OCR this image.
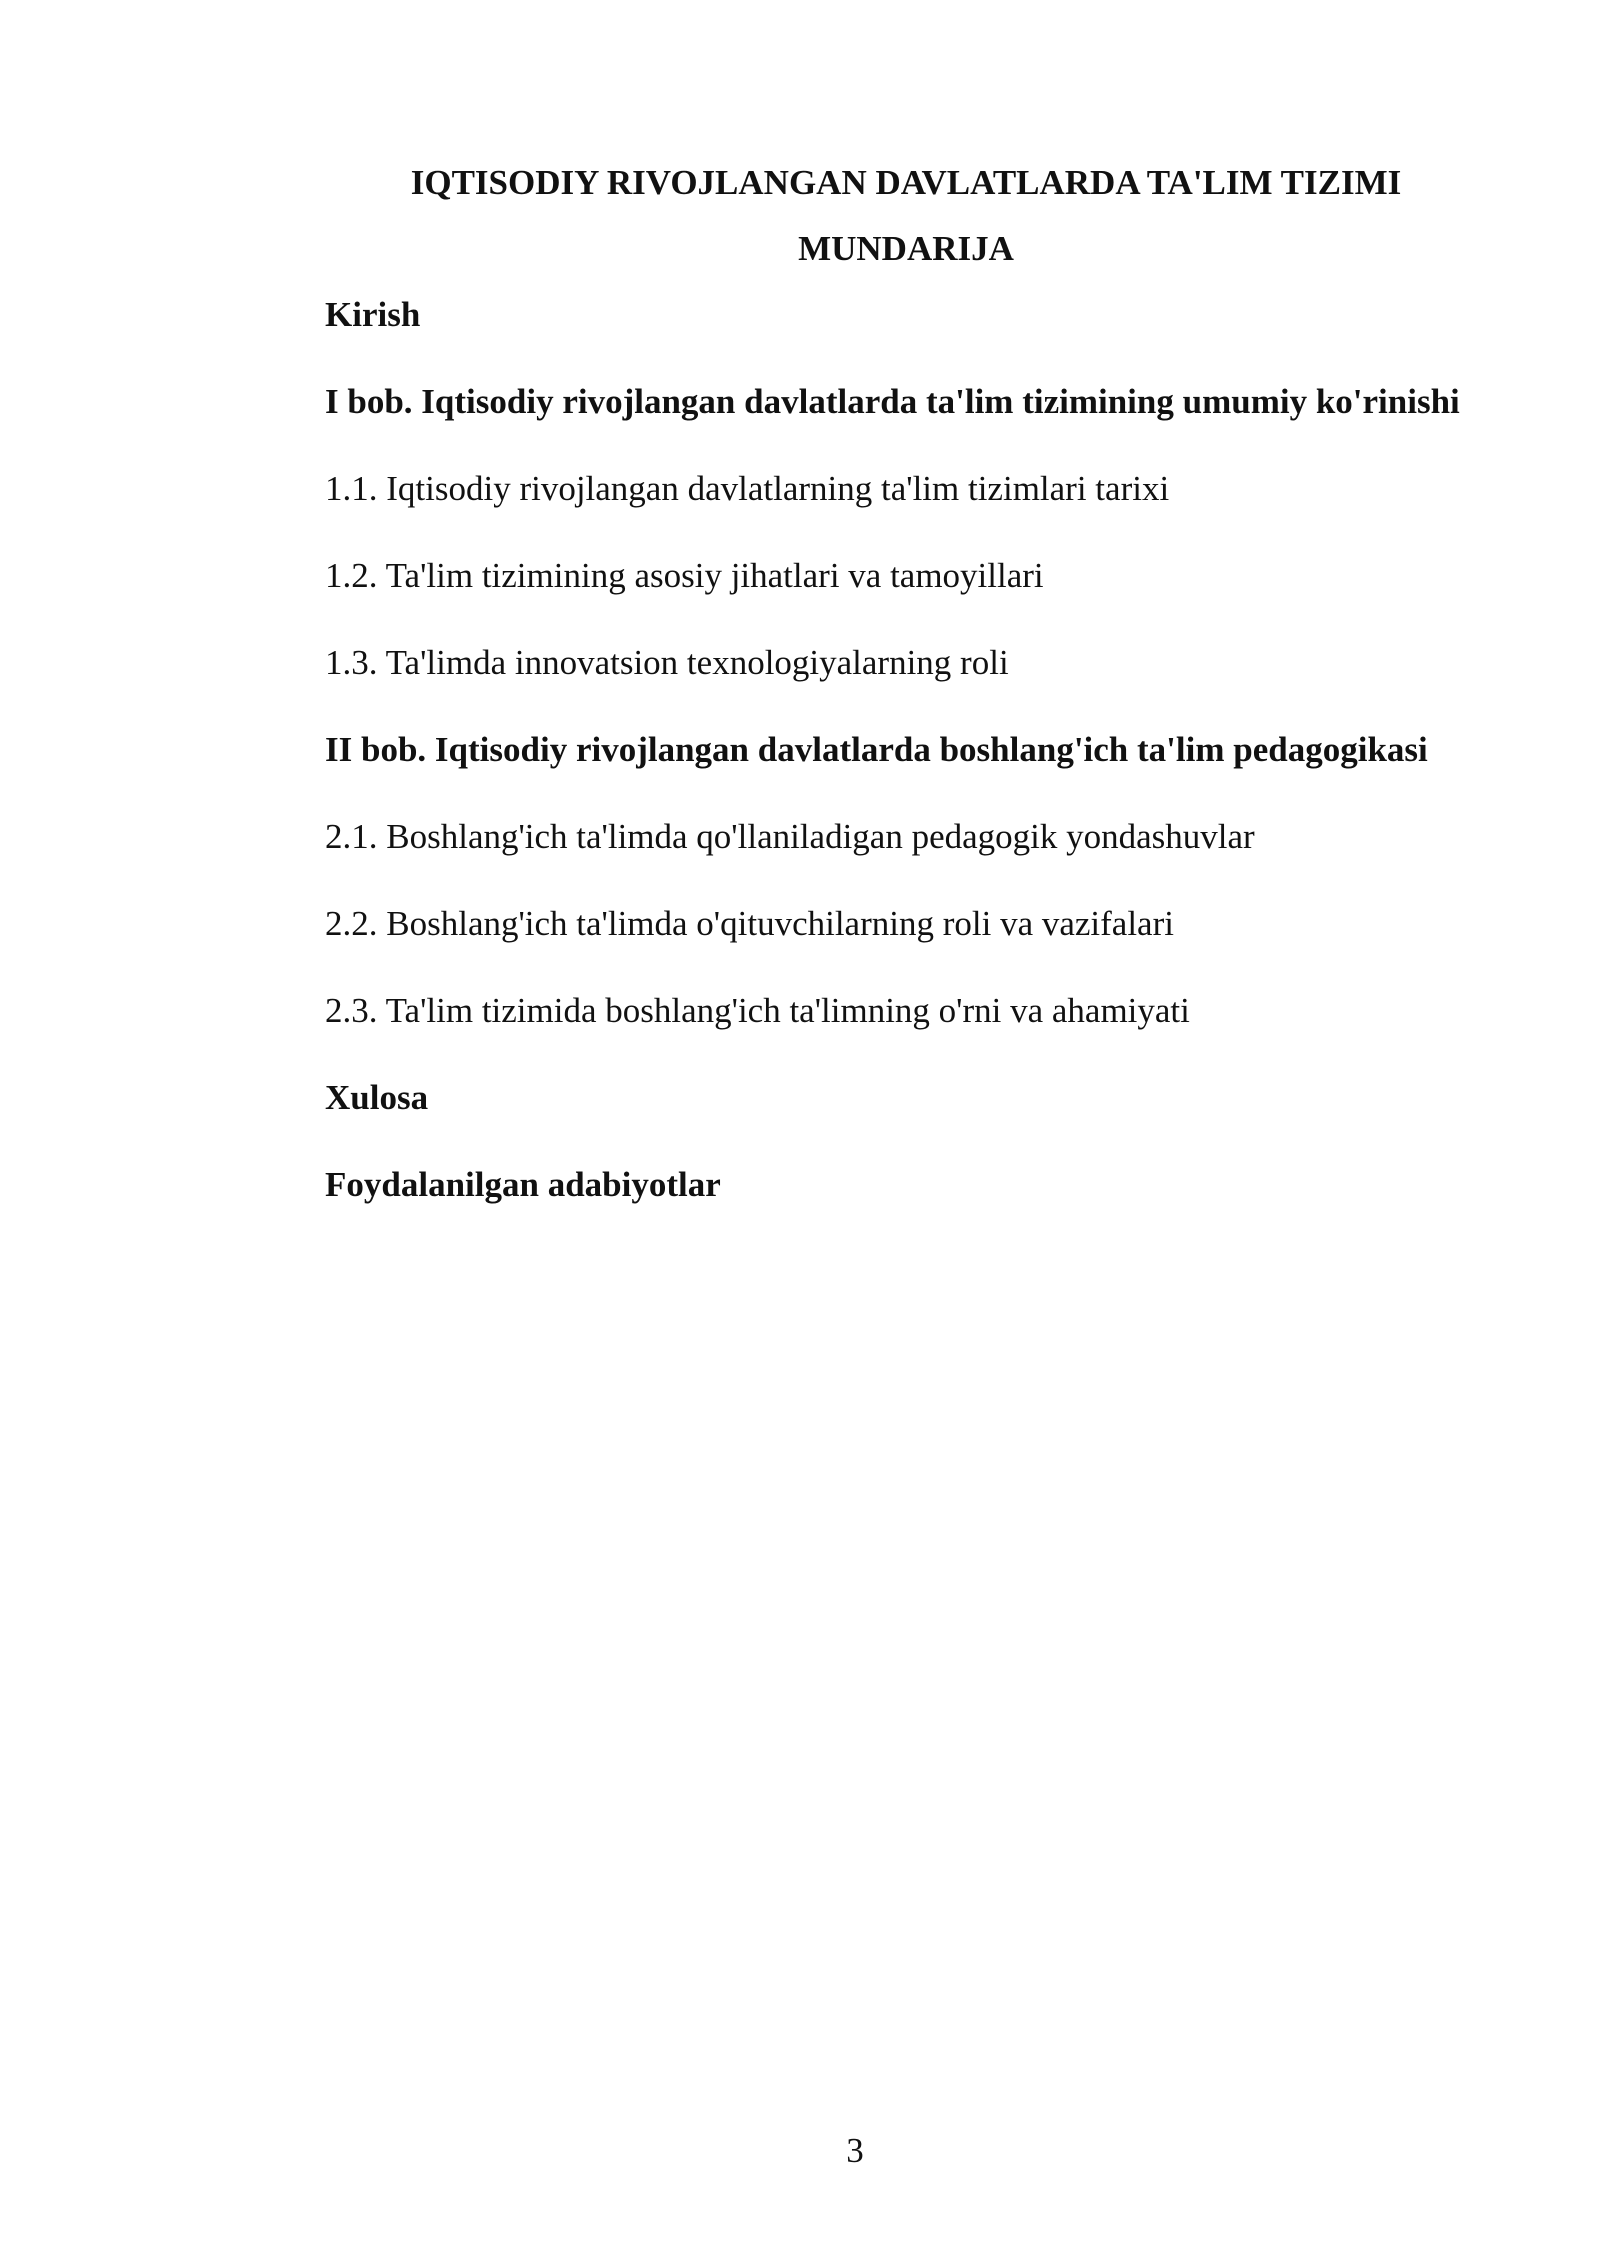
IQTISODIY RIVOJLANGAN DAVLATLARDA TA'LIM TIZIMI
MUNDARIJA
Kirish
I bob. Iqtisodiy rivojlangan davlatlarda ta'lim tizimining umumiy ko'rinishi
1.1. Iqtisodiy rivojlangan davlatlarning ta'lim tizimlari tarixi
1.2. Ta'lim tizimining asosiy jihatlari va tamoyillari
1.3. Ta'limda innovatsion texnologiyalarning roli
II bob. Iqtisodiy rivojlangan davlatlarda boshlang'ich ta'lim pedagogikasi
2.1. Boshlang'ich ta'limda qo'llaniladigan pedagogik yondashuvlar
2.2. Boshlang'ich ta'limda o'qituvchilarning roli va vazifalari
2.3. Ta'lim tizimida boshlang'ich ta'limning o'rni va ahamiyati
Xulosa
Foydalanilgan adabiyotlar
3
